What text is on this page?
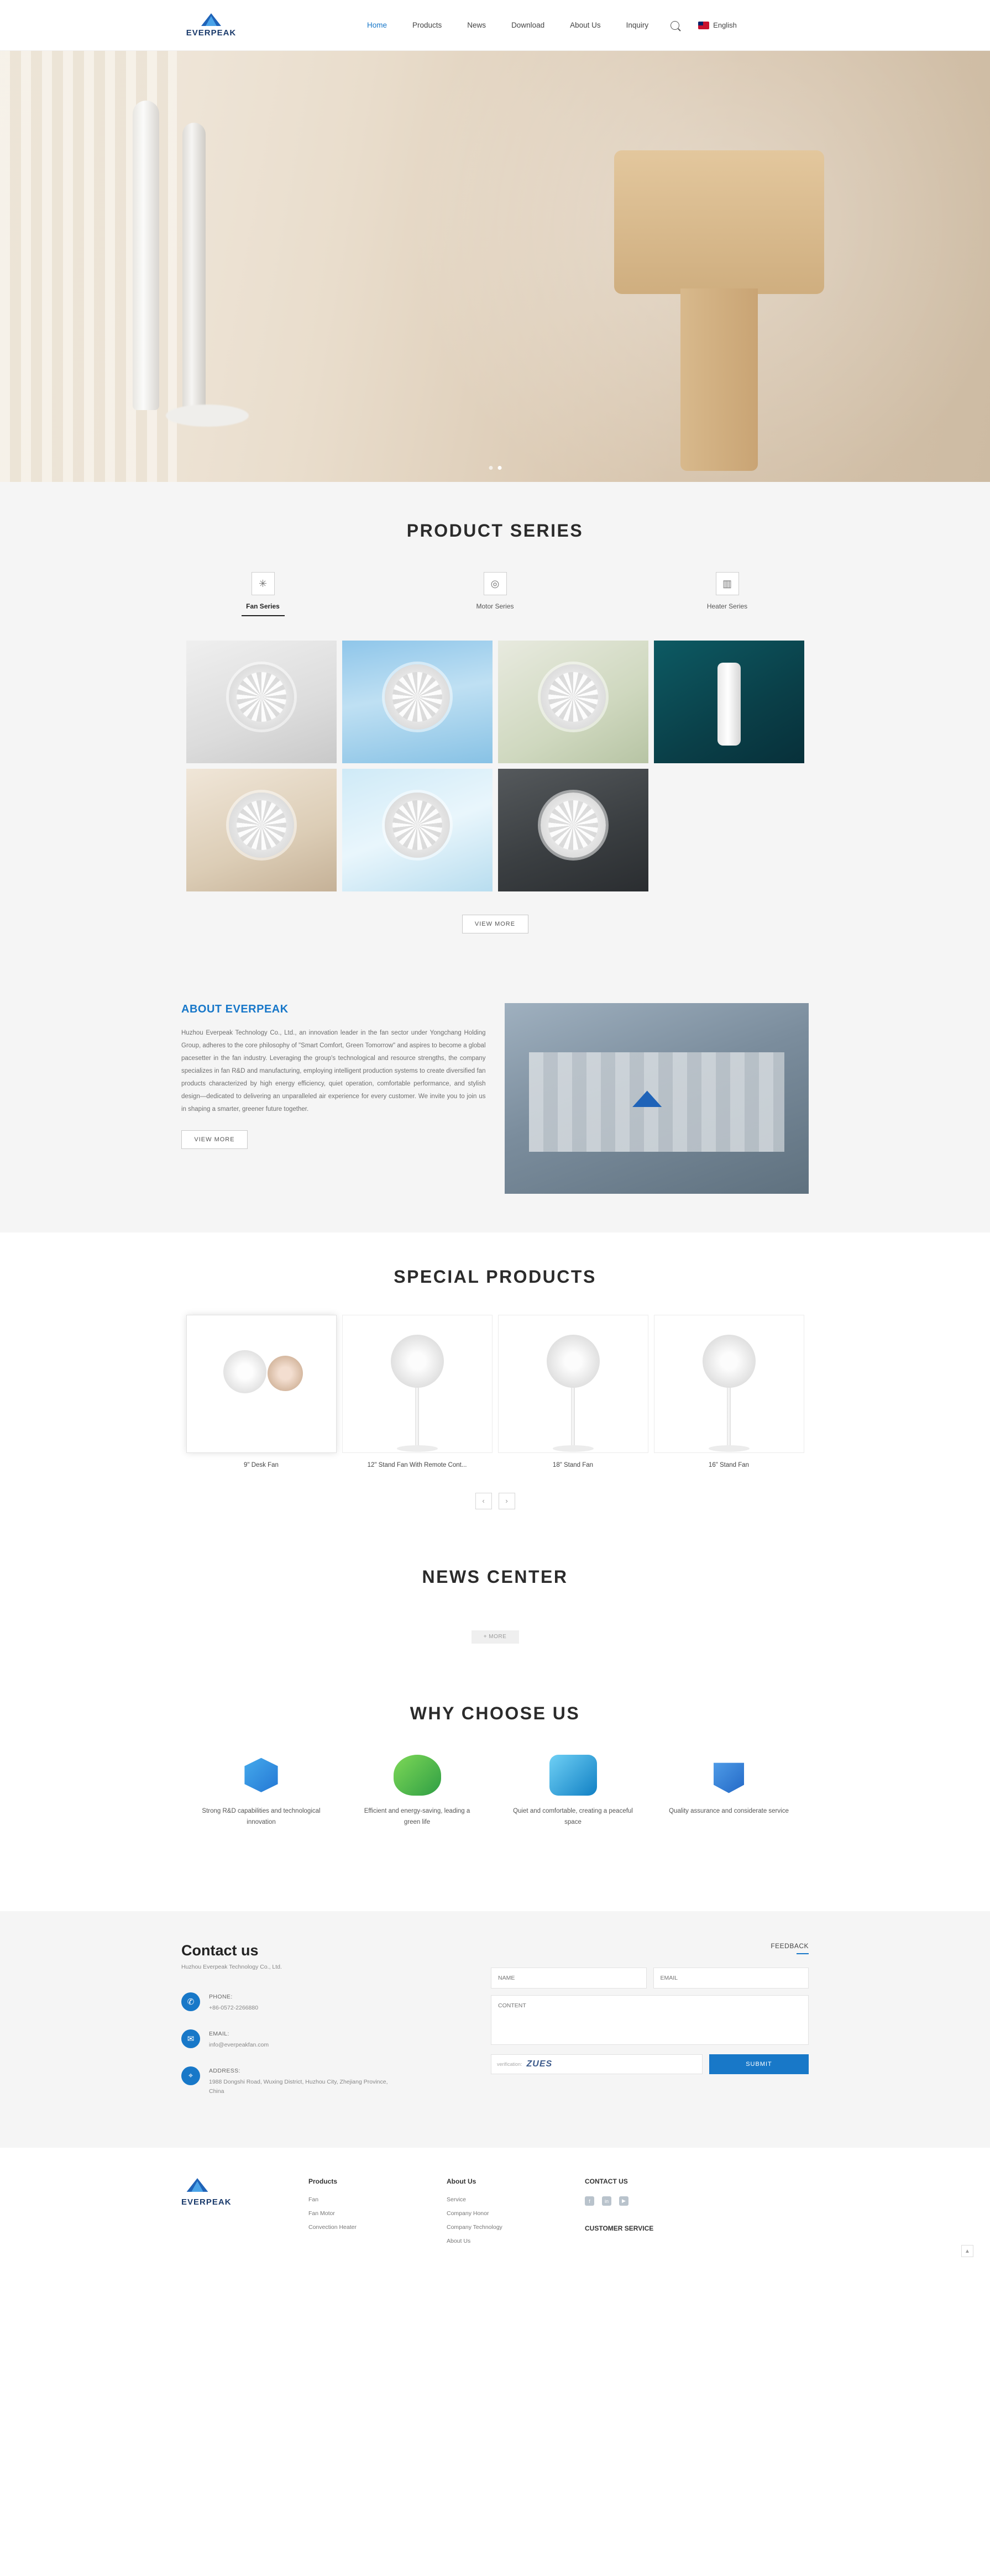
EVERPEAK
Home	Products	News	Download	About Us	Inquiry	English
PRODUCT SERIES
✳
Fan Series
◎
Motor Series
▥
Heater Series
VIEW MORE
ABOUT EVERPEAK
Huzhou Everpeak Technology Co., Ltd., an innovation leader in the fan sector under Yongchang Holding Group, adheres to the core philosophy of "Smart Comfort, Green Tomorrow" and aspires to become a global pacesetter in the fan industry. Leveraging the group's technological and resource strengths, the company specializes in fan R&D and manufacturing, employing intelligent production systems to create diversified fan products characterized by high energy efficiency, quiet operation, comfortable performance, and stylish design—dedicated to delivering an unparalleled air experience for every customer. We invite you to join us in shaping a smarter, greener future together.
VIEW MORE
SPECIAL PRODUCTS
9" Desk Fan	12" Stand Fan With Remote Cont...	18" Stand Fan	16" Stand Fan
‹	›
NEWS CENTER
+ MORE
WHY CHOOSE US
Strong R&D capabilities and technological innovation
Efficient and energy-saving, leading a green life
Quiet and comfortable, creating a peaceful space
Quality assurance and considerate service
Contact us
Huzhou Everpeak Technology Co., Ltd.
✆
PHONE:
+86-0572-2266880
✉
EMAIL:
info@everpeakfan.com
⌖
ADDRESS:
1988 Dongshi Road, Wuxing District, Huzhou City, Zhejiang Province, China
FEEDBACK
NAME
EMAIL
CONTENT
verification: ZUES	SUBMIT
EVERPEAK
Products
Fan
Fan Motor
Convection Heater
About Us
Service
Company Honor
Company Technology
About Us
CONTACT US
f	in	▶
CUSTOMER SERVICE
▲
